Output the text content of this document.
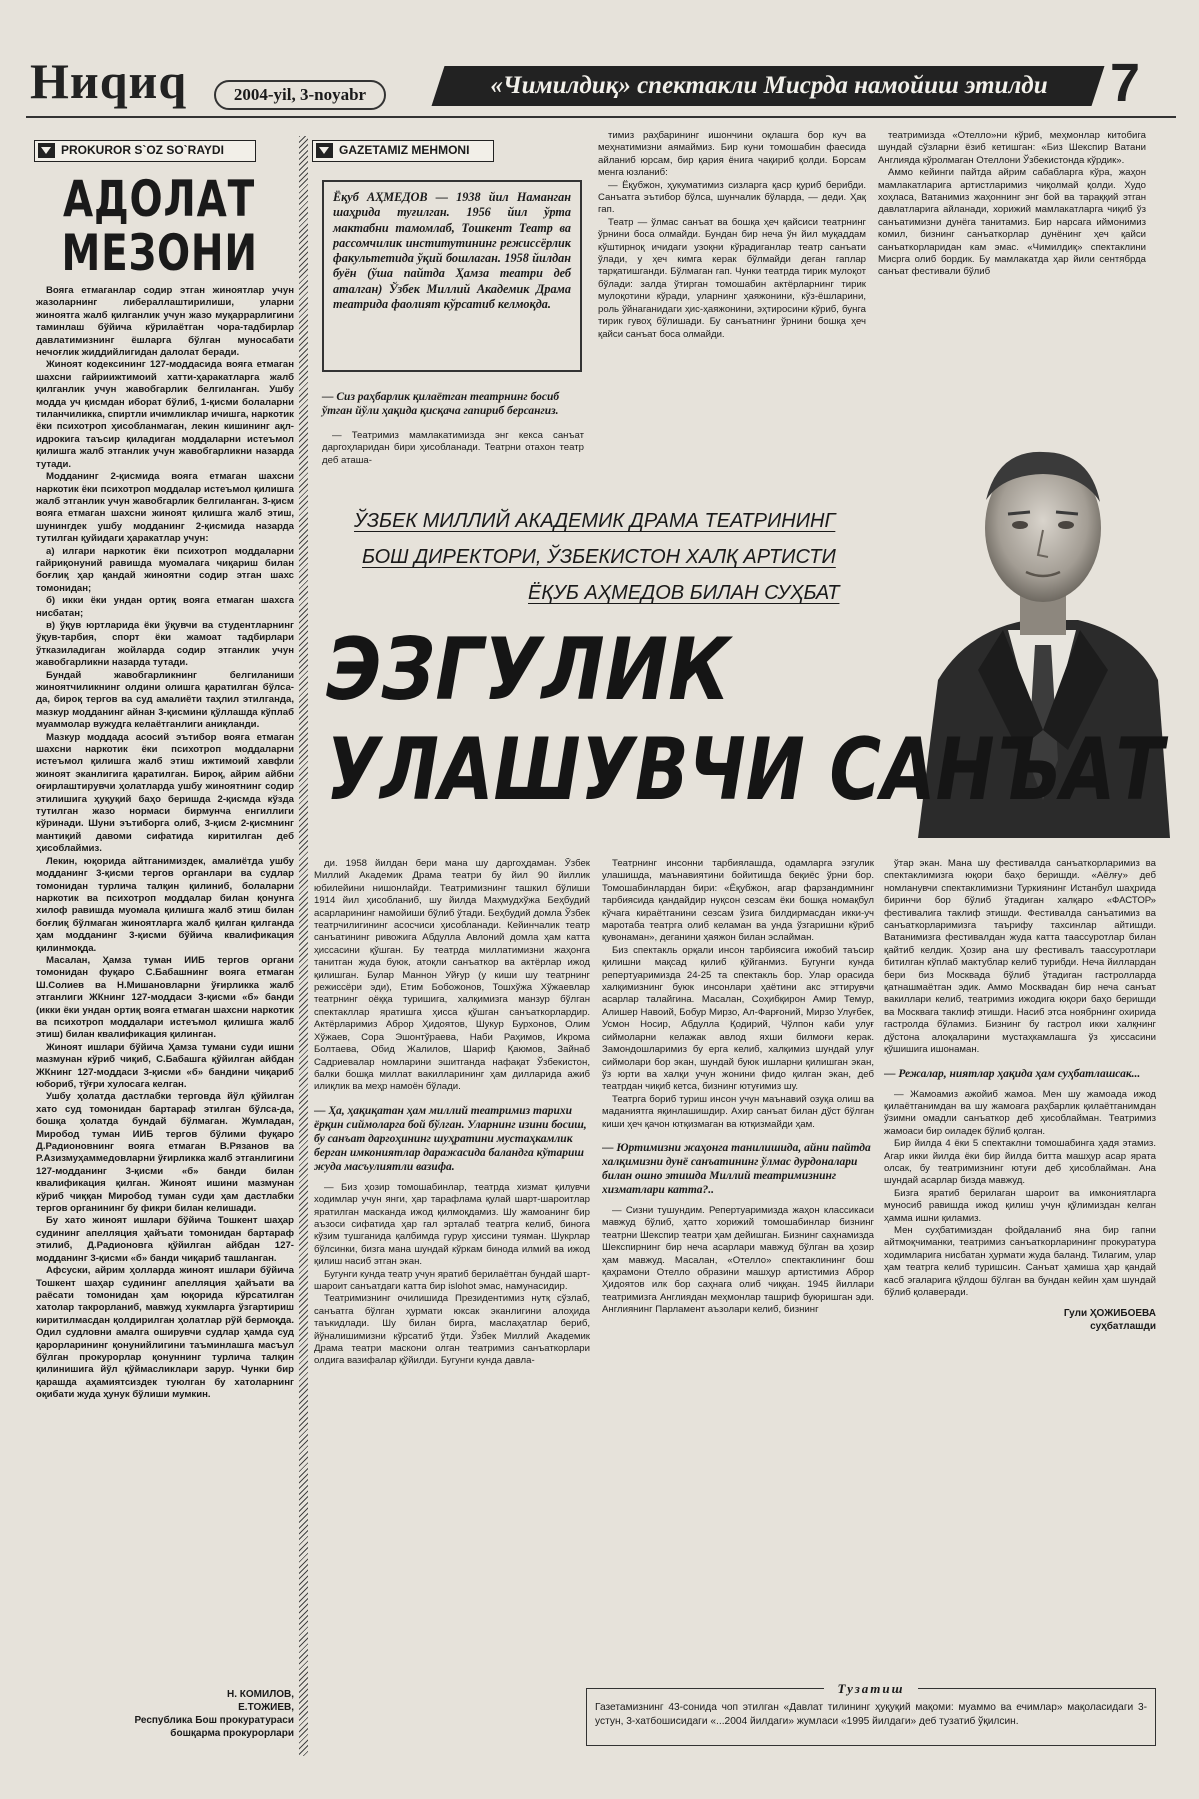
Ниqиq	2004-yil, 3-noyabr	«Чимилдиқ» спектакли Мисрда намойиш этилди	7
PROKUROR S`OZ SO`RAYDI
АДОЛАТ МЕЗОНИ

Вояга етмаганлар содир этган жиноятлар учун жазоларнинг либераллаштирилиши, уларни жиноятга жалб қилганлик учун жазо муқаррарлигини таминлаш бўйича кўрилаётган чора-тадбирлар давлатимизнинг ёшларга бўлган муносабати нечоғлик жиддийлигидан далолат беради.

Жиноят кодексининг 127-моддасида вояга етмаган шахсни гайриижтимоий хатти-ҳаракатларга жалб қилганлик учун жавобгарлик белгиланган. Ушбу модда уч қисмдан иборат бўлиб, 1-қисми болаларни тиланчиликка, спиртли ичимликлар ичишга, наркотик ёки психотроп ҳисобланмаган, лекин кишининг ақл-идрокига таъсир қиладиган моддаларни истеъмол қилишга жалб этганлик учун жавобгарликни назарда тутади.

Модданинг 2-қисмида вояга етмаган шахсни наркотик ёки психотроп моддалар истеъмол қилишга жалб этганлик учун жавобгарлик белгиланган. 3-қисм вояга етмаган шахсни жиноят қилишга жалб этиш, шунингдек ушбу модданинг 2-қисмида назарда тутилган қуйидаги ҳаракатлар учун:

а) илгари наркотик ёки психотроп моддаларни гайриқонуний равишда муомалага чиқариш билан боғлиқ ҳар қандай жиноятни содир этган шахс томонидан;

б) икки ёки ундан ортиқ вояга етмаган шахсга нисбатан;

в) ўқув юртларида ёки ўқувчи ва студентларнинг ўқув-тарбия, спорт ёки жамоат тадбирлари ўтказиладиган жойларда содир этганлик учун жавобгарликни назарда тутади.

Бундай жавобгарликнинг белгиланиши жиноятчиликнинг олдини олишга қаратилган бўлса-да, бироқ тергов ва суд амалиёти таҳлил этилганда, мазкур модданинг айнан 3-қисмини қўллашда кўплаб муаммолар вужудга келаётганлиги аниқланди.

Мазкур моддада асосий эътибор вояга етмаган шахсни наркотик ёки психотроп моддаларни истеъмол қилишга жалб этиш ижтимоий хавфли жиноят эканлигига қаратилган. Бироқ, айрим айбни оғирлаштирувчи ҳолатларда ушбу жиноятнинг содир этилишига ҳуқуқий баҳо беришда 2-қисмда кўзда тутилган жазо нормаси бирмунча енгиллиги кўринади. Шуни эътиборга олиб, 3-қисм 2-қисмнинг мантиқий давоми сифатида киритилган деб ҳисоблаймиз.

Лекин, юқорида айтганимиздек, амалиётда ушбу модданинг 3-қисми тергов органлари ва судлар томонидан турлича талқин қилиниб, болаларни наркотик ва психотроп моддалар билан қонунга хилоф равишда муомала қилишга жалб этиш билан боғлиқ бўлмаган жиноятларга жалб қилган қилганда ҳам модданинг 3-қисми бўйича квалификация қилинмоқда.

Масалан, Ҳамза туман ИИБ тергов органи томонидан фуқаро С.Бабашнинг вояга етмаган Ш.Солиев ва Н.Мишановларни ўғирликка жалб этганлиги ЖКнинг 127-моддаси 3-қисми «б» банди (икки ёки ундан ортиқ вояга етмаган шахсни наркотик ва психотроп моддалари истеъмол қилишга жалб этиш) билан квалификация қилинган.

Жиноят ишлари бўйича Ҳамза тумани суди ишни мазмунан кўриб чиқиб, С.Бабашга қўйилган айбдан ЖКнинг 127-моддаси 3-қисми «б» бандини чиқариб юбориб, тўғри хулосага келган.

Ушбу ҳолатда дастлабки терговда йўл қўйилган хато суд томонидан бартараф этилган бўлса-да, бошқа ҳолатда бундай бўлмаган. Жумладан, Миробод туман ИИБ тергов бўлими фуқаро Д.Радионовнинг вояга етмаган В.Рязанов ва Р.Азизмуҳаммедовларни ўғирликка жалб этганлигини 127-модданинг 3-қисми «б» банди билан квалификация қилган. Жиноят ишини мазмунан кўриб чиққан Миробод туман суди ҳам дастлабки тергов органининг бу фикри билан келишади.

Бу хато жиноят ишлари бўйича Тошкент шаҳар судининг апелляция ҳайъати томонидан бартараф этилиб, Д.Радионовга қўйилган айбдан 127-модданинг 3-қисми «б» банди чиқариб ташланган.

Афсуски, айрим ҳолларда жиноят ишлари бўйича Тошкент шаҳар судининг апелляция ҳайъати ва раёсати томонидан ҳам юқорида кўрсатилган хатолар такрорланиб, мавжуд хукмларга ўзгартириш киритилмасдан қолдирилган ҳолатлар рўй бермоқда. Одил судловни амалга оширувчи судлар ҳамда суд қарорларининг қонунийлигини таъминлашга масъул бўлган прокурорлар қонуннинг турлича талқин қилинишига йўл қўймасликлари зарур. Чунки бир қарашда аҳамиятсиздек туюлган бу хатоларнинг оқибати жуда ҳунук бўлиши мумкин.

Н. КОМИЛОВ,
Е.ТОЖИЕВ,
Республика Бош прокуратураси
бошқарма прокурорлари
GAZETAMIZ MEHMONI
Ёқуб АҲМЕДОВ — 1938 йил Наманган шаҳрида туғилган. 1956 йил ўрта мактабни тамомлаб, Тошкент Театр ва рассомчилик институтининг режиссёрлик факультетида ўқий бошлаган. 1958 йилдан буён (ўша пайтда Ҳамза театри деб аталган) Ўзбек Миллий Академик Драма театрида фаолият кўрсатиб келмоқда.
— Сиз раҳбарлик қилаётган театрнинг босиб ўтган йўли ҳақида қисқача гапириб берсангиз.

— Театримиз мамлакатимизда энг кекса санъат даргоҳларидан бири ҳисобланади. Театрни отахон театр деб аташа-

тимиз раҳбарининг ишончини оқлашга бор куч ва меҳнатимизни аямаймиз. Бир куни томошабин фаесида айланиб юрсам, бир қария ёнига чақириб қолди. Борсам менга юзланиб:

— Ёқубжон, ҳукуматимиз сизларга қаср қуриб берибди. Санъатга эътибор бўлса, шунчалик бўларда, — деди. Ҳақ гап.

Театр — ўлмас санъат ва бошқа ҳеч қайсиси театрнинг ўрнини боса олмайди. Бундан бир неча ўн йил муқаддам кўштирноқ ичидаги узоқни кўрадиганлар театр санъати ўлади, у ҳеч кимга керак бўлмайди деган гаплар тарқатишганди. Бўлмаган гап. Чунки театрда тирик мулоқот бўлади: залда ўтирган томошабин актёрларнинг тирик мулоқотини кўради, уларнинг ҳаяжонини, кўз-ёшларини, роль ўйнаганидаги ҳис-ҳаяжонини, эҳтиросини кўриб, бунга тирик гувоҳ бўлишади. Бу санъатнинг ўрнини бошқа ҳеч қайси санъат боса олмайди.

театримизда «Отелло»ни кўриб, меҳмонлар китобига шундай сўзларни ёзиб кетишган: «Биз Шекспир Ватани Англияда кўролмаган Отеллони Ўзбекистонда кўрдик».

Аммо кейинги пайтда айрим сабабларга кўра, жаҳон мамлакатларига артистларимиз чиқолмай қолди. Худо хоҳласа, Ватанимиз жаҳоннинг энг бой ва тараққий этган давлатларига айланади, хорижий мамлакатларга чиқиб ўз санъатимизни дунёга танитамиз. Бир нарсага иймонимиз комил, бизнинг санъаткорлар дунёнинг ҳеч қайси санъаткорларидан кам эмас. «Чимилдиқ» спектаклини Мисрга олиб бордик. Бу мамлакатда ҳар йили сентябрда санъат фестивали бўлиб

ЎЗБЕК МИЛЛИЙ АКАДЕМИК ДРАМА ТЕАТРИНИНГ
БОШ ДИРЕКТОРИ, ЎЗБЕКИСТОН ХАЛҚ АРТИСТИ
ЁҚУБ АҲМЕДОВ БИЛАН СУҲБАТ
ЭЗГУЛИК
УЛАШУВЧИ САНЪАТ

ди. 1958 йилдан бери мана шу даргоҳдаман. Ўзбек Миллий Академик Драма театри бу йил 90 йиллик юбилейини нишонлайди. Театримизнинг ташкил бўлиши 1914 йил ҳисобланиб, шу йилда Маҳмудхўжа Беҳбудий асарларининг намойиши бўлиб ўтади. Беҳбудий домла Ўзбек театрчилигининг асосчиси ҳисобланади. Кейинчалик театр санъатининг ривожига Абдулла Авлоний домла ҳам катта ҳиссасини қўшган. Бу театрда миллатимизни жаҳонга танитган жуда буюк, атоқли санъаткор ва актёрлар ижод қилишган. Булар Маннон Уйғур (у киши шу театрнинг режиссёри эди), Етим Бобожонов, Тошхўжа Хўжаевлар театрнинг оёққа туришига, халқимизга манзур бўлган спектакллар яратишга ҳисса қўшган санъаткорлардир. Актёрларимиз Аброр Ҳидоятов, Шукур Бурхонов, Олим Хўжаев, Сора Эшонтўраева, Наби Раҳимов, Икрома Болтаева, Обид Жалилов, Шариф Қаюмов, Зайнаб Садриевалар номларини эшитганда нафақат Ўзбекистон, балки бошқа миллат вакилларининг ҳам дилларида ажиб илиқлик ва меҳр намоён бўлади.

— Ҳа, ҳақиқатан ҳам миллий театримиз тарихи ёрқин сиймоларга бой бўлган. Уларнинг изини босиш, бу санъат даргоҳининг шуҳратини мустаҳкамлик берган имкониятлар даражасида баландга кўтариш жуда масъулиятли вазифа.

— Биз ҳозир томошабинлар, театрда хизмат қилувчи ходимлар учун янги, ҳар тарафлама қулай шарт-шароитлар яратилган масканда ижод қилмоқдамиз. Шу жамоанинг бир аъзоси сифатида ҳар гал эрталаб театрга келиб, бинога кўзим тушганида қалбимда гурур ҳиссини туяман. Шукрлар бўлсинки, бизга мана шундай кўркам бинода илмий ва ижод қилиш насиб этган экан.

Бугунги кунда театр учун яратиб берилаётган бундай шарт-шароит санъатдаги катта бир islohot эмас, намунасидир.

Театримизнинг очилишида Президентимиз нутқ сўзлаб, санъатга бўлган ҳурмати юксак эканлигини алоҳида таъкидлади. Шу билан бирга, маслаҳатлар бериб, йўналишимизни кўрсатиб ўтди. Ўзбек Миллий Академик Драма театри маскони олган театримиз санъаткорлари олдига вазифалар қўйилди. Бугунги кунда давла-

Театрнинг инсонни тарбиялашда, одамларга эзгулик улашишда, маънавиятини бойитишда беқиёс ўрни бор. Томошабинлардан бири: «Ёқубжон, агар фарзандимнинг тарбиясида қандайдир нуқсон сезсам ёки бошқа номақбул кўчага кираётганини сезсам ўзига билдирмасдан икки-уч маротаба театрга олиб келаман ва унда ўзгаришни кўриб қувонаман», деганини ҳаяжон билан эслайман.

Биз спектакль орқали инсон тарбиясига ижобий таъсир қилишни мақсад қилиб қўйганмиз. Бугунги кунда репертуаримизда 24-25 та спектакль бор. Улар орасида халқимизнинг буюк инсонлари ҳаётини акс эттирувчи асарлар талайгина. Масалан, Соҳибқирон Амир Темур, Алишер Навоий, Бобур Мирзо, Ал-Фарғоний, Мирзо Улуғбек, Усмон Носир, Абдулла Қодирий, Чўлпон каби улуғ сиймоларни келажак авлод яхши билмоғи керак. Замондошларимиз бу ерга келиб, халқимиз шундай улуғ сиймолари бор экан, шундай буюк ишларни қилишган экан, ўз юрти ва халқи учун жонини фидо қилган экан, деб театрдан чиқиб кетса, бизнинг ютуғимиз шу.

Театрга бориб туриш инсон учун маънавий озуқа олиш ва маданиятга яқинлашишдир. Ахир санъат билан дўст бўлган киши ҳеч қачон ютқизмаган ва ютқизмайди ҳам.

— Юртимизни жаҳонга танилишида, айни пайтда халқимизни дунё санъатининг ўлмас дурдоналари билан ошно этишда Миллий театримизнинг хизматлари катта?..

— Сизни тушундим. Репертуаримизда жаҳон классикаси мавжуд бўлиб, ҳатто хорижий томошабинлар бизнинг театрни Шекспир театри ҳам дейишган. Бизнинг саҳнамизда Шекспирнинг бир неча асарлари мавжуд бўлган ва ҳозир ҳам мавжуд. Масалан, «Отелло» спектаклининг бош қаҳрамони Отелло образини машҳур артистимиз Аброр Ҳидоятов илк бор саҳнага олиб чиққан. 1945 йиллари театримизга Англиядан меҳмонлар ташриф буюришган эди. Англиянинг Парламент аъзолари келиб, бизнинг

ўтар экан. Мана шу фестивалда санъаткорларимиз ва спектаклимизга юқори баҳо беришди. «Аёлғу» деб номланувчи спектаклимизни Туркиянинг Истанбул шаҳрида биринчи бор бўлиб ўтадиган халқаро «ФАСТОР» фестивалига таклиф этишди. Фестивалда санъатимиз ва санъаткорларимизга таърифу тахсинлар айтишди. Ватанимизга фестивалдан жуда катта таассуротлар билан қайтиб келдик. Ҳозир ана шу фестивалъ таассуротлари битилган кўплаб мактублар келиб турибди. Неча йиллардан бери биз Москвада бўлиб ўтадиган гастролларда қатнашмаётган эдик. Аммо Москвадан бир неча санъат вакиллари келиб, театримиз ижодига юқори баҳо беришди ва Москвага таклиф этишди. Насиб этса ноябрнинг охирида гастролда бўламиз. Бизнинг бу гастрол икки халқнинг дўстона алоқаларини мустаҳкамлашга ўз ҳиссасини қўшишига ишонаман.

— Режалар, ниятлар ҳақида ҳам суҳбатлашсак...

— Жамоамиз ажойиб жамоа. Мен шу жамоада ижод қилаётганимдан ва шу жамоага раҳбарлик қилаётганимдан ўзимни омадли санъаткор деб ҳисоблайман. Театримиз жамоаси бир оиладек бўлиб қолган.

Бир йилда 4 ёки 5 спектаклни томошабинга ҳадя этамиз. Агар икки йилда ёки бир йилда битта машҳур асар ярата олсак, бу театримизнинг ютуғи деб ҳисоблайман. Ана шундай асарлар бизда мавжуд.

Бизга яратиб берилаган шароит ва имкониятларга муносиб равишда ижод қилиш учун қўлимиздан келган ҳамма ишни қиламиз.

Мен суҳбатимиздан фойдаланиб яна бир гапни айтмоқчиманки, театримиз санъаткорларининг прокуратура ходимларига нисбатан ҳурмати жуда баланд. Тилагим, улар ҳам театрга келиб туришсин. Санъат ҳамиша ҳар қандай касб эгаларига қўлдош бўлган ва бундан кейин ҳам шундай бўлиб қолаверади.

Гули ҲОЖИБОЕВА
суҳбатлашди
Тузатиш
Газетамизнинг 43-сонида чоп этилган «Давлат тилининг ҳуқуқий мақоми: муаммо ва ечимлар» мақоласидаги 3-устун, 3-хатбошисидаги «...2004 йилдаги» жумласи «1995 йилдаги» деб тузатиб ўқилсин.
